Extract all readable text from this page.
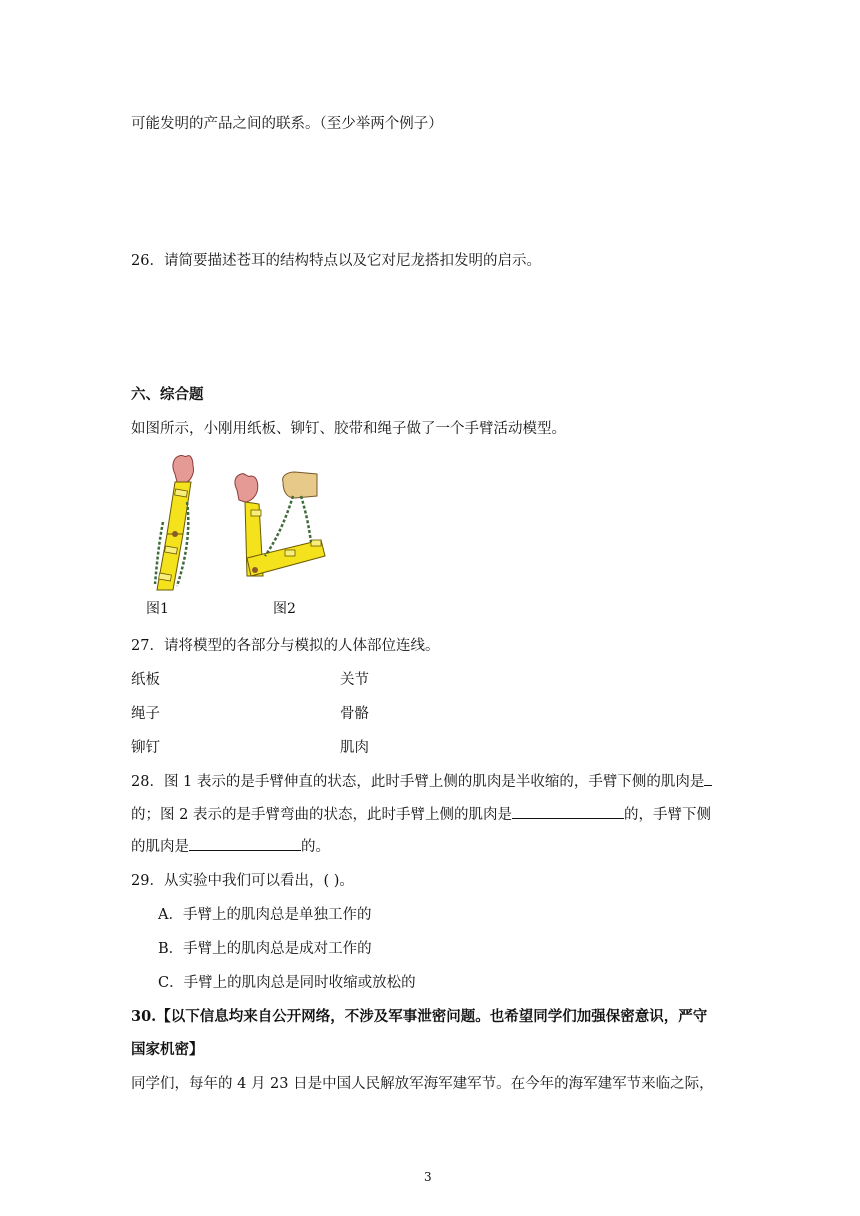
可能发明的产品之间的联系。（至少举两个例子）
26．请简要描述苍耳的结构特点以及它对尼龙搭扣发明的启示。
六、综合题
如图所示，小刚用纸板、铆钉、胶带和绳子做了一个手臂活动模型。
图1	图2
27．请将模型的各部分与模拟的人体部位连线。
纸板	关节
绳子	骨骼
铆钉	肌肉
28．图 1 表示的是手臂伸直的状态，此时手臂上侧的肌肉是半收缩的，手臂下侧的肌肉是
的；图 2 表示的是手臂弯曲的状态，此时手臂上侧的肌肉是	的，手臂下侧
的肌肉是	的。
29．从实验中我们可以看出，( )。
A．手臂上的肌肉总是单独工作的
B．手臂上的肌肉总是成对工作的
C．手臂上的肌肉总是同时收缩或放松的
30.【以下信息均来自公开网络，不涉及军事泄密问题。也希望同学们加强保密意识，严守
国家机密】
同学们，每年的 4 月 23 日是中国人民解放军海军建军节。在今年的海军建军节来临之际，
3
